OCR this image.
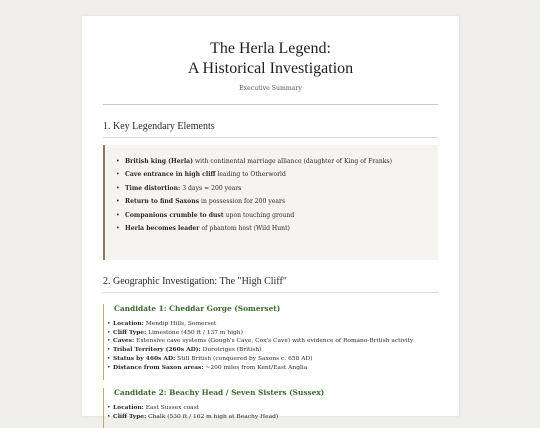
The Herla Legend:
A Historical Investigation
Executive Summary
1. Key Legendary Elements
• British king (Herla) with continental marriage alliance (daughter of King of Franks)
• Cave entrance in high cliff leading to Otherworld
• Time distortion: 3 days = 200 years
• Return to find Saxons in possession for 200 years
• Companions crumble to dust upon touching ground
• Herla becomes leader of phantom host (Wild Hunt)
2. Geographic Investigation: The "High Cliff"
Candidate 1: Cheddar Gorge (Somerset)
• Location: Mendip Hills, Somerset
• Cliff Type: Limestone (450 ft / 137 m high)
• Caves: Extensive cave systems (Gough's Cave, Cox's Cave) with evidence of Romano-British activity
• Tribal Territory (260s AD): Durotriges (British)
• Status by 460s AD: Still British (conquered by Saxons c. 658 AD)
• Distance from Saxon areas: ~200 miles from Kent/East Anglia
Candidate 2: Beachy Head / Seven Sisters (Sussex)
• Location: East Sussex coast
• Cliff Type: Chalk (530 ft / 162 m high at Beachy Head)
